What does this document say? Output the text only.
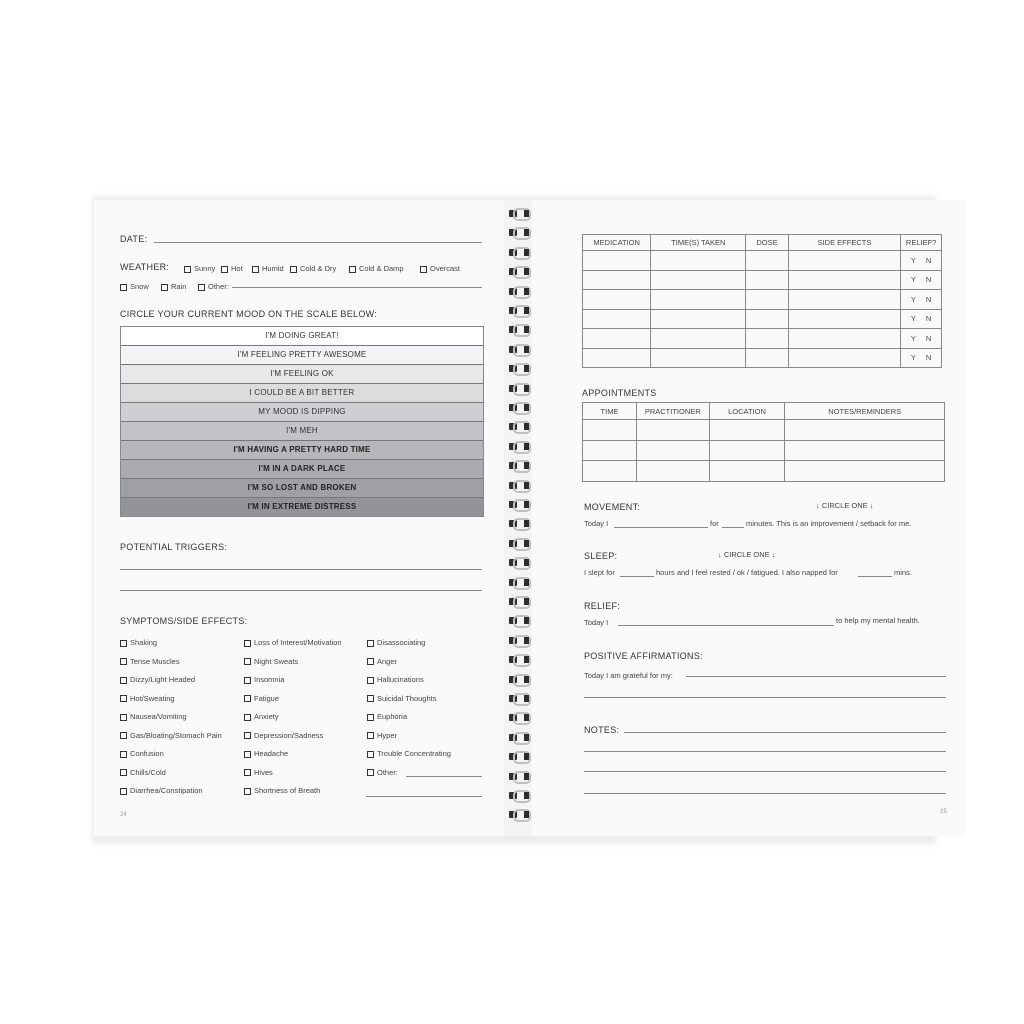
DATE:
WEATHER:	Sunny	Hot	Humid	Cold & Dry	Cold & Damp	Overcast
Snow	Rain	Other:
CIRCLE YOUR CURRENT MOOD ON THE SCALE BELOW:
I'M DOING GREAT!
I'M FEELING PRETTY AWESOME
I'M FEELING OK
I COULD BE A BIT BETTER
MY MOOD IS DIPPING
I'M MEH
I'M HAVING A PRETTY HARD TIME
I'M IN A DARK PLACE
I'M SO LOST AND BROKEN
I'M IN EXTREME DISTRESS
POTENTIAL TRIGGERS:
SYMPTOMS/SIDE EFFECTS:
Shaking
Tense Muscles
Dizzy/Light Headed
Hot/Sweating
Nausea/Vomiting
Gas/Bloating/Stomach Pain
Confusion
Chills/Cold
Diarrhea/Constipation
Loss of Interest/Motivation
Night Sweats
Insomnia
Fatigue
Anxiety
Depression/Sadness
Headache
Hives
Shortness of Breath
Disassociating
Anger
Hallucinations
Suicidal Thoughts
Euphoria
Hyper
Trouble Concentrating
Other:
24
MEDICATION	TIME(S) TAKEN	DOSE	SIDE EFFECTS	RELIEF?
				Y N
				Y N
				Y N
				Y N
				Y N
				Y N
APPOINTMENTS
TIME	PRACTITIONER	LOCATION	NOTES/REMINDERS

MOVEMENT:	↓ CIRCLE ONE ↓
Today I	for	minutes. This is an improvement / setback for me.
SLEEP:	↓ CIRCLE ONE ↓
I slept for	hours and I feel rested / ok / fatigued. I also napped for	mins.
RELIEF:
Today I	to help my mental health.
POSITIVE AFFIRMATIONS:
Today I am grateful for my:
NOTES:
25
